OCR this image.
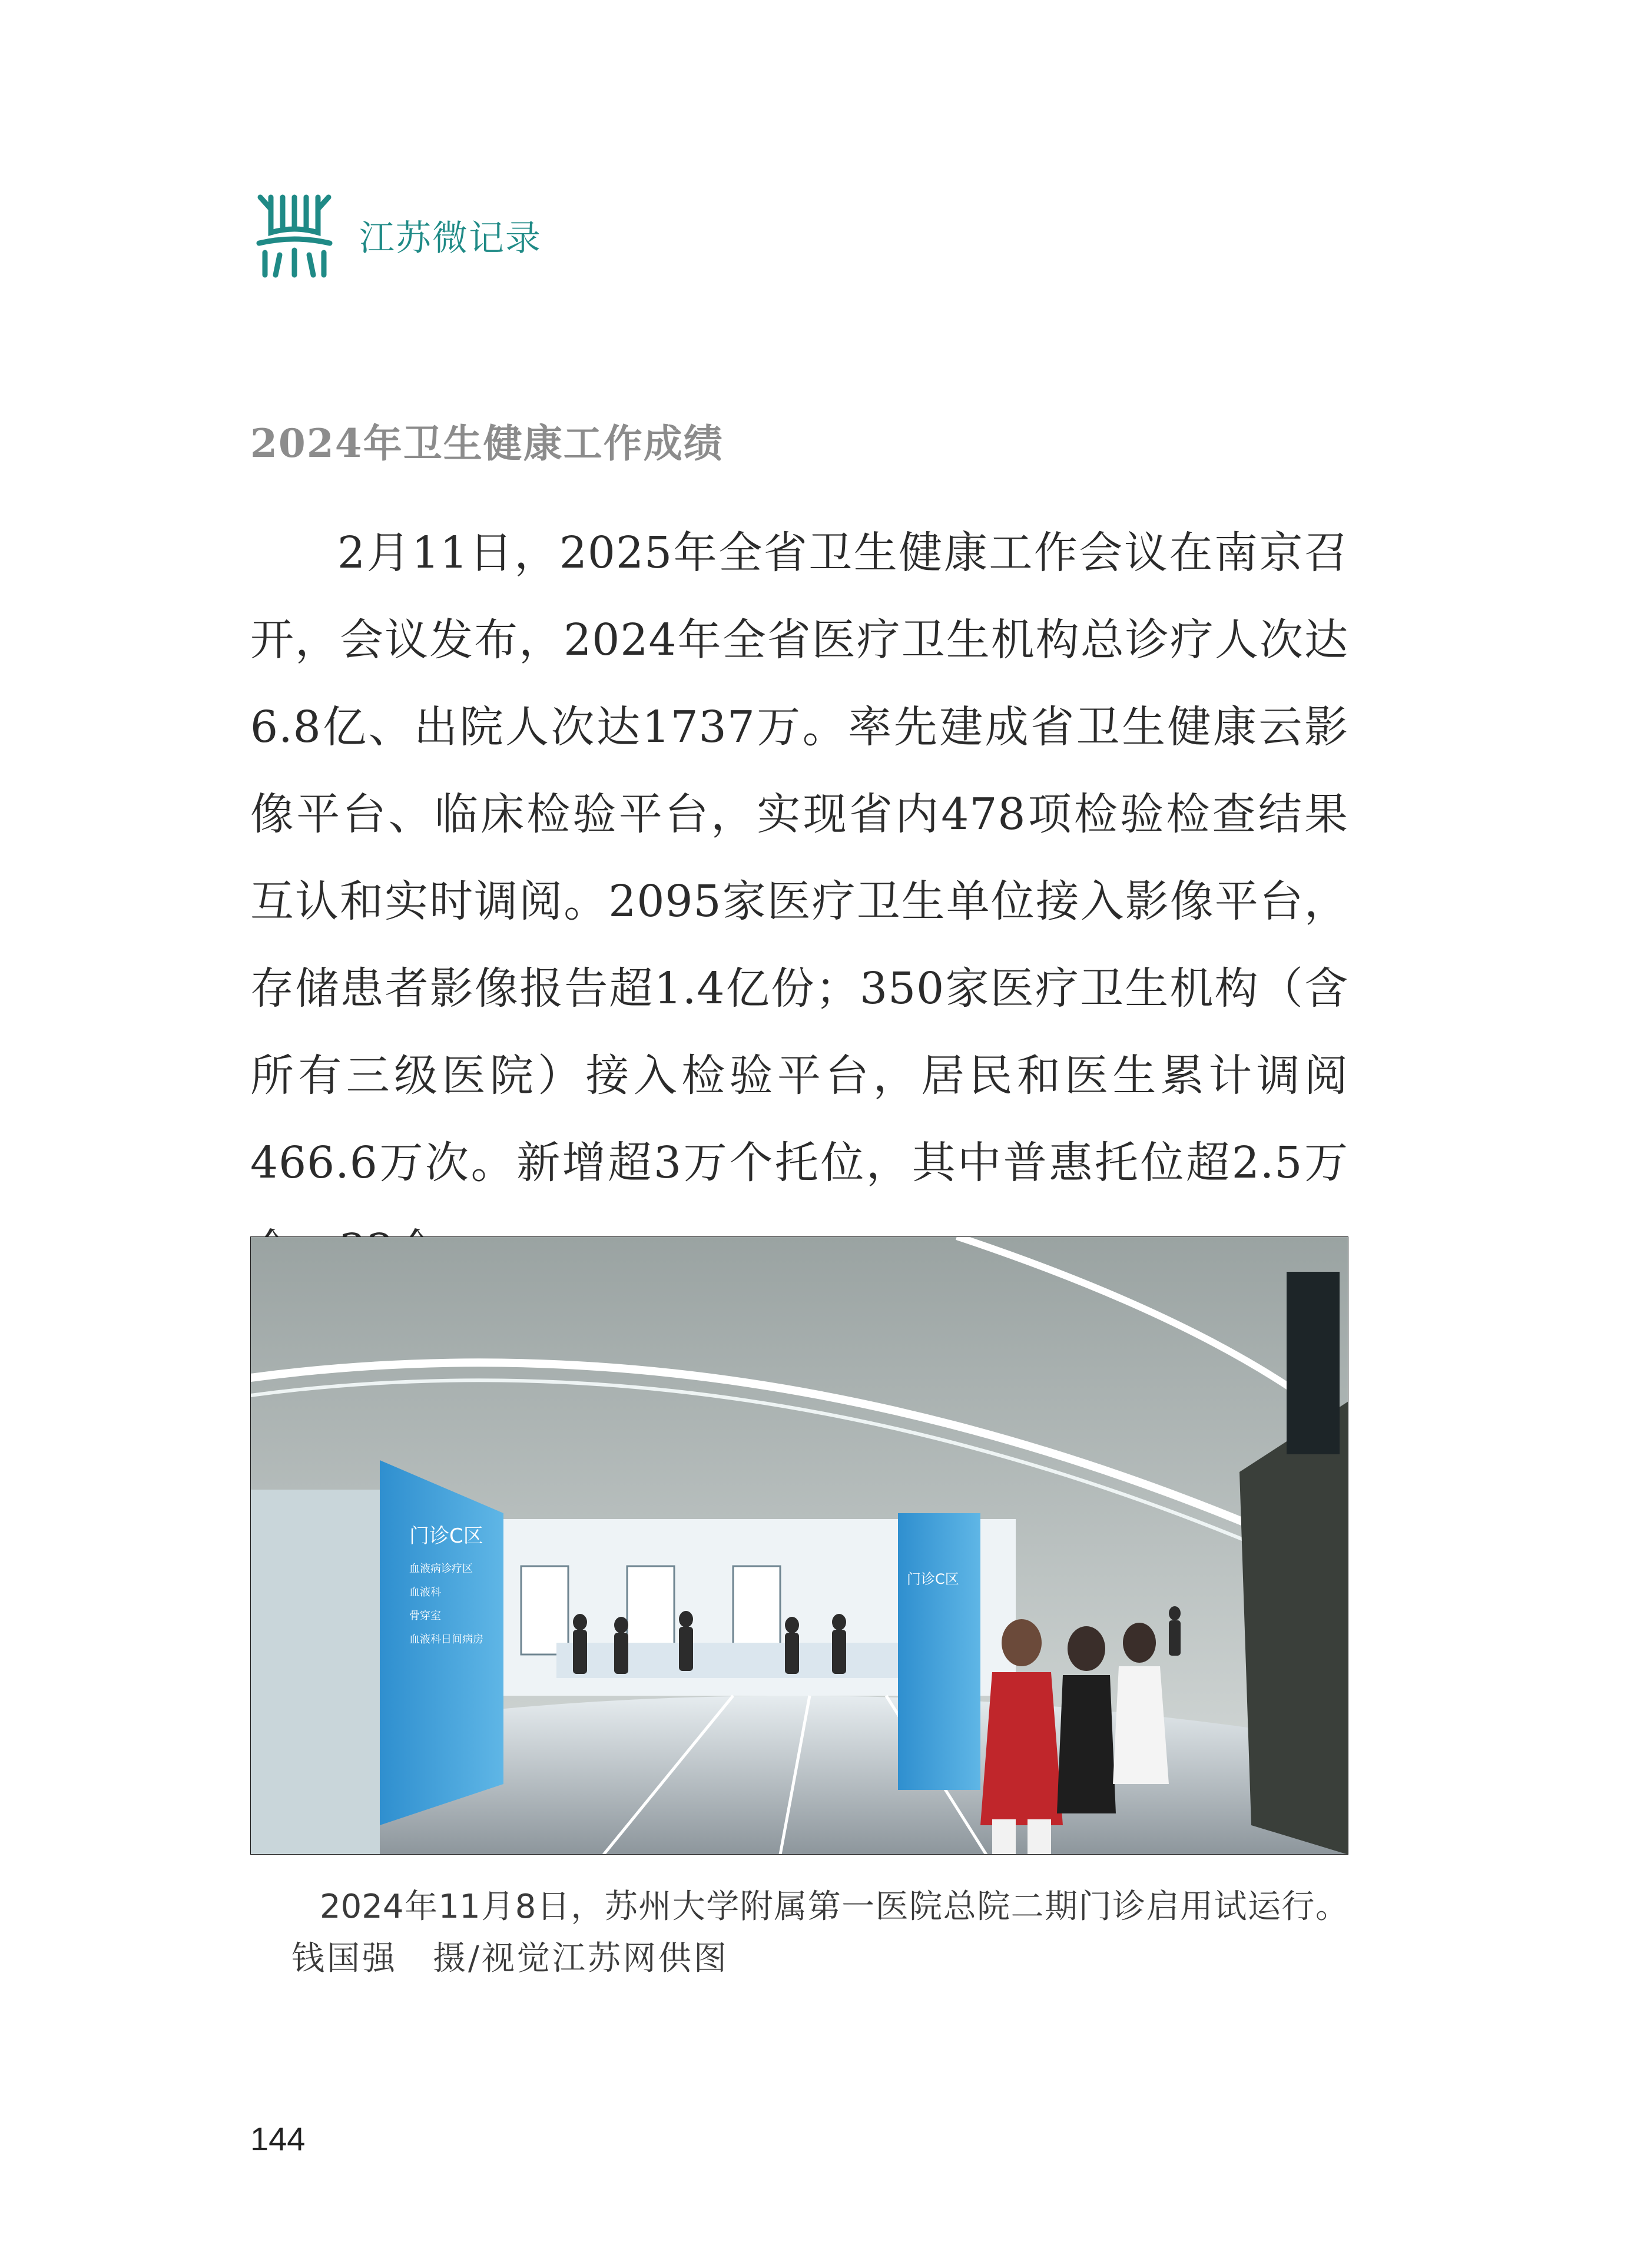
江苏微记录
2024年卫生健康工作成绩
2月11日，2025年全省卫生健康工作会议在南京召开，会议发布，2024年全省医疗卫生机构总诊疗人次达6.8亿、出院人次达1737万。率先建成省卫生健康云影像平台、临床检验平台，实现省内478项检验检查结果互认和实时调阅。2095家医疗卫生单位接入影像平台，存储患者影像报告超1.4亿份；350家医疗卫生机构（含所有三级医院）接入检验平台，居民和医生累计调阅466.6万次。新增超3万个托位，其中普惠托位超2.5万
门诊C区
血液病诊疗区
血液科
骨穿室
血液科日间病房
门诊C区
2024年11月8日，苏州大学附属第一医院总院二期门诊启用试运行。钱国强　摄/视觉江苏网供图
144
